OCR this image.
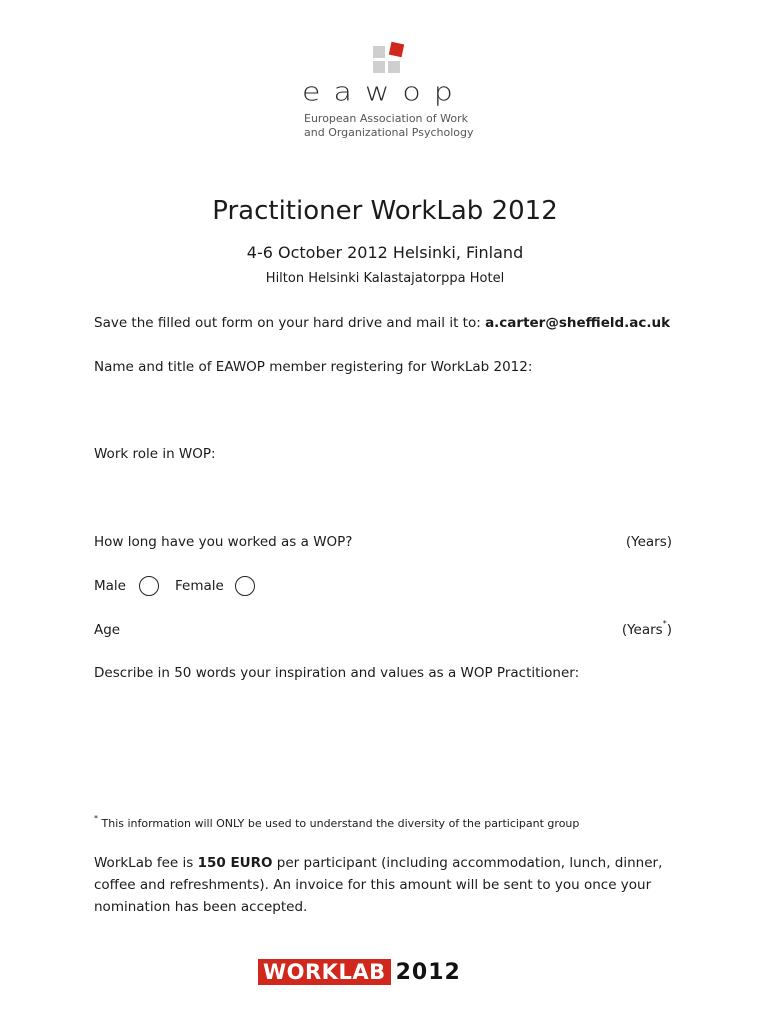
eawop
European Association of Work
and Organizational Psychology
Practitioner WorkLab 2012
4-6 October 2012 Helsinki, Finland
Hilton Helsinki Kalastajatorppa Hotel
Save the filled out form on your hard drive and mail it to: a.carter@sheffield.ac.uk
Name and title of EAWOP member registering for WorkLab 2012:
Work role in WOP:
How long have you worked as a WOP?	(Years)
Male	Female
Age	(Years*)
Describe in 50 words your inspiration and values as a WOP Practitioner:
* This information will ONLY be used to understand the diversity of the participant group
WorkLab fee is 150 EURO per participant (including accommodation, lunch, dinner, coffee and refreshments). An invoice for this amount will be sent to you once your nomination has been accepted.
WORKLAB 2012
